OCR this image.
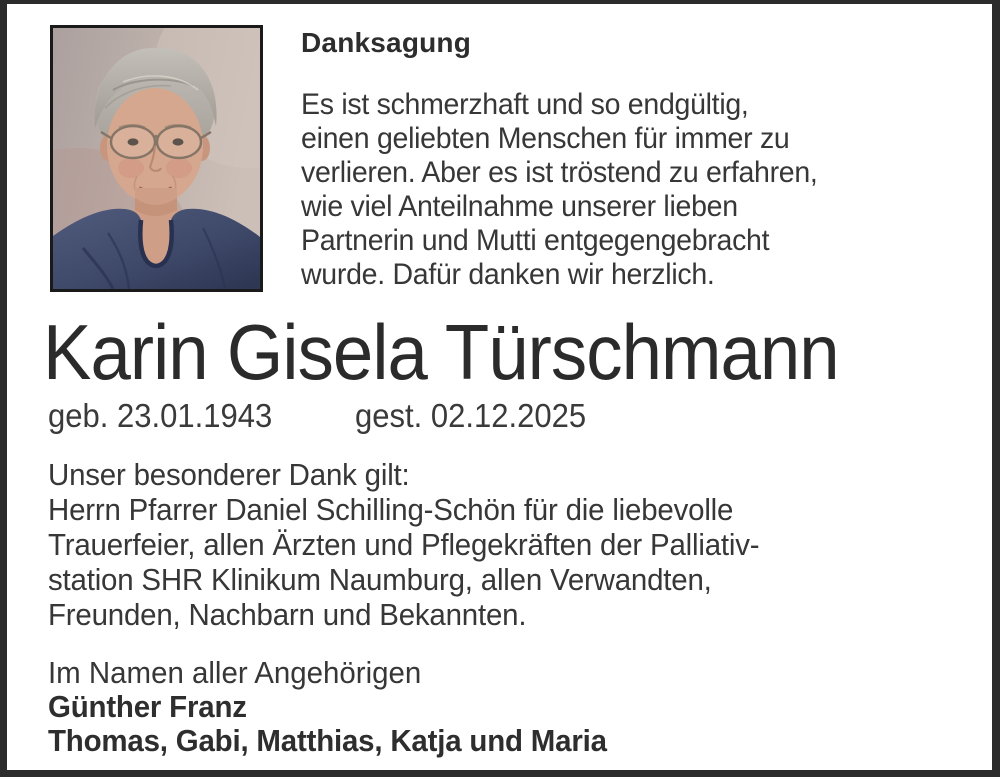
Danksagung
Es ist schmerzhaft und so endgültig,
einen geliebten Menschen für immer zu
verlieren. Aber es ist tröstend zu erfahren,
wie viel Anteilnahme unserer lieben
Partnerin und Mutti entgegengebracht
wurde. Dafür danken wir herzlich.
Karin Gisela Türschmann
geb. 23.01.1943	gest. 02.12.2025
Unser besonderer Dank gilt:
Herrn Pfarrer Daniel Schilling-Schön für die liebevolle
Trauerfeier, allen Ärzten und Pflegekräften der Palliativ-
station SHR Klinikum Naumburg, allen Verwandten,
Freunden, Nachbarn und Bekannten.
Im Namen aller Angehörigen
Günther Franz
Thomas, Gabi, Matthias, Katja und Maria
